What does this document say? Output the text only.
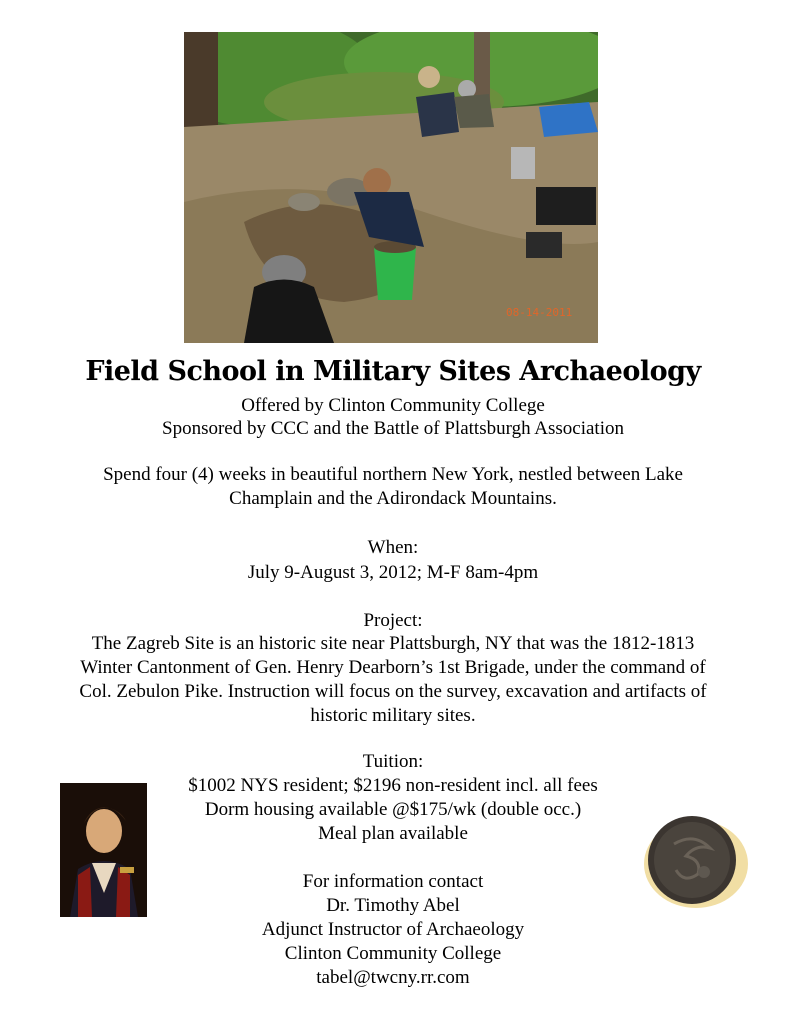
08-14-2011
Field School in Military Sites Archaeology
Offered by Clinton Community College
Sponsored by CCC and the Battle of Plattsburgh Association
Spend four (4) weeks in beautiful northern New York, nestled between Lake
Champlain and the Adirondack Mountains.
When:
July 9-August 3, 2012; M-F 8am-4pm
Project:
The Zagreb Site is an historic site near Plattsburgh, NY that was the 1812-1813
Winter Cantonment of Gen. Henry Dearborn’s 1st Brigade, under the command of
Col. Zebulon Pike. Instruction will focus on the survey, excavation and artifacts of
historic military sites.
Tuition:
$1002 NYS resident; $2196 non-resident incl. all fees
Dorm housing available @$175/wk (double occ.)
Meal plan available
For information contact
Dr. Timothy Abel
Adjunct Instructor of Archaeology
Clinton Community College
tabel@twcny.rr.com
